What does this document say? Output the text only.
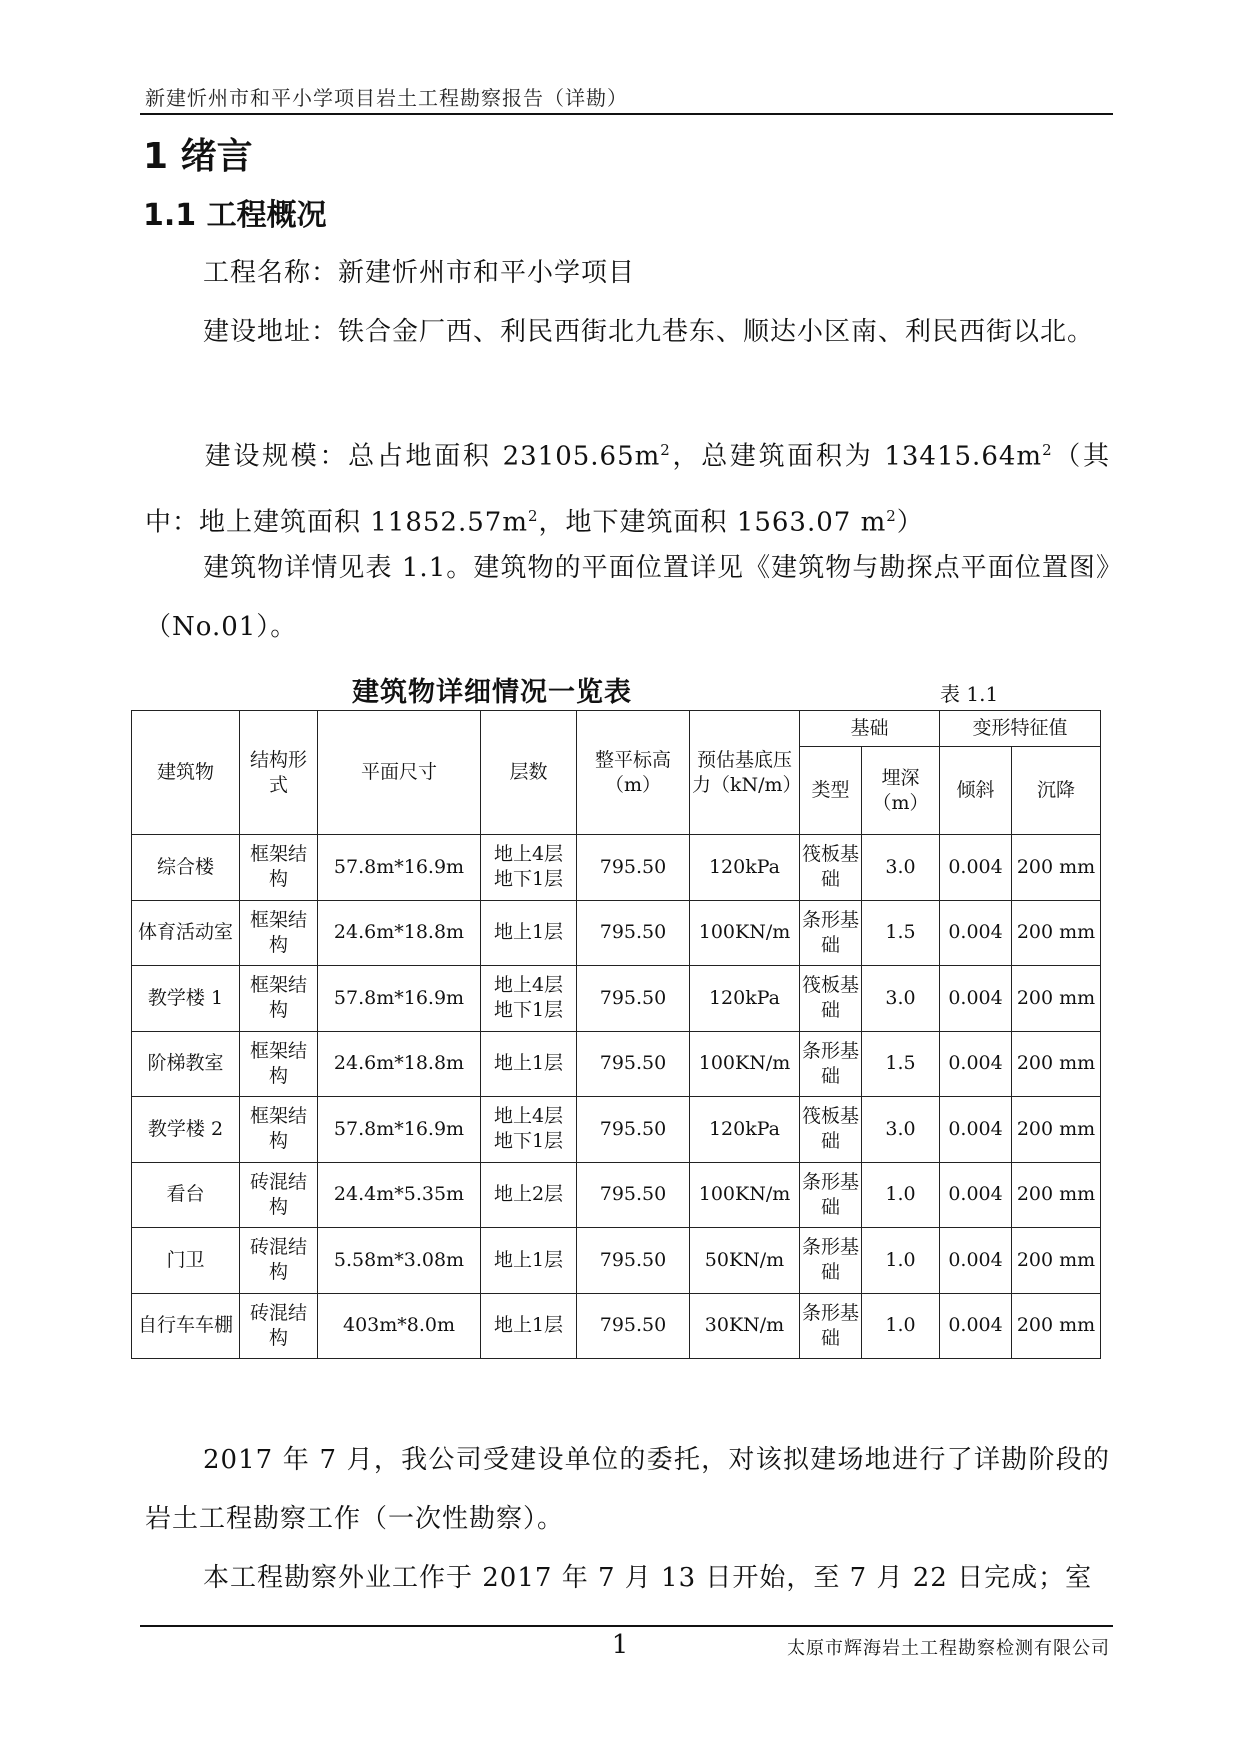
新建忻州市和平小学项目岩土工程勘察报告（详勘）
1 绪言
1.1 工程概况
工程名称：新建忻州市和平小学项目
建设地址：铁合金厂西、利民西街北九巷东、顺达小区南、利民西街以北。
建设规模：总占地面积 $23105.65m^2$，总建筑面积为 $13415.64m^2$（其中：地上建筑面积 $11852.57m^2$，地下建筑面积 1563.07 $m^2$）
建筑物详情见表 1.1。建筑物的平面位置详见《建筑物与勘探点平面位置图》（No.01）。
建筑物详细情况一览表	表 1.1
建筑物	结构形式	平面尺寸	层数	整平标高（m）	预估基底压力（kN/m）	基础		变形特征值	
						类型	埋深（m）	倾斜	沉降
综合楼	框架结构	57.8m*16.9m	地上4层 地下1层	795.50	120kPa	筏板基础	3.0	0.004	200 mm
体育活动室	框架结构	24.6m*18.8m	地上1层	795.50	100KN/m	条形基础	1.5	0.004	200 mm
教学楼 1	框架结构	57.8m*16.9m	地上4层 地下1层	795.50	120kPa	筏板基础	3.0	0.004	200 mm
阶梯教室	框架结构	24.6m*18.8m	地上1层	795.50	100KN/m	条形基础	1.5	0.004	200 mm
教学楼 2	框架结构	57.8m*16.9m	地上4层 地下1层	795.50	120kPa	筏板基础	3.0	0.004	200 mm
看台	砖混结构	24.4m*5.35m	地上2层	795.50	100KN/m	条形基础	1.0	0.004	200 mm
门卫	砖混结构	5.58m*3.08m	地上1层	795.50	50KN/m	条形基础	1.0	0.004	200 mm
自行车车棚	砖混结构	403m*8.0m	地上1层	795.50	30KN/m	条形基础	1.0	0.004	200 mm
2017 年 7 月，我公司受建设单位的委托，对该拟建场地进行了详勘阶段的岩土工程勘察工作（一次性勘察）。
本工程勘察外业工作于 2017 年 7 月 13 日开始，至 7 月 22 日完成；室
1	太原市辉海岩土工程勘察检测有限公司
